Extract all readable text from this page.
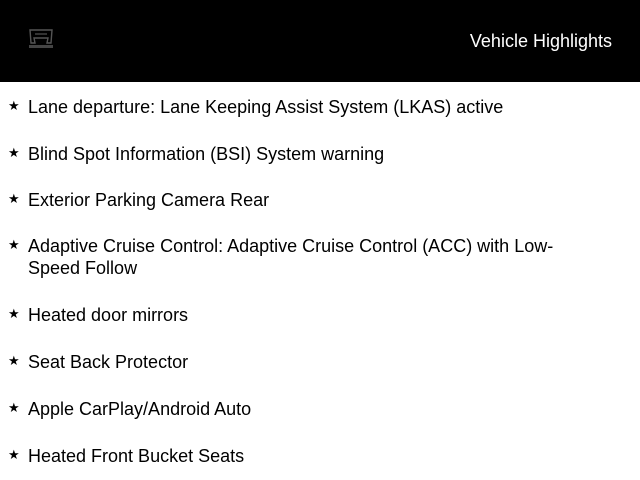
Vehicle Highlights
★ Lane departure: Lane Keeping Assist System (LKAS) active
★ Blind Spot Information (BSI) System warning
★ Exterior Parking Camera Rear
★ Adaptive Cruise Control: Adaptive Cruise Control (ACC) with Low-Speed Follow
★ Heated door mirrors
★ Seat Back Protector
★ Apple CarPlay/Android Auto
★ Heated Front Bucket Seats
